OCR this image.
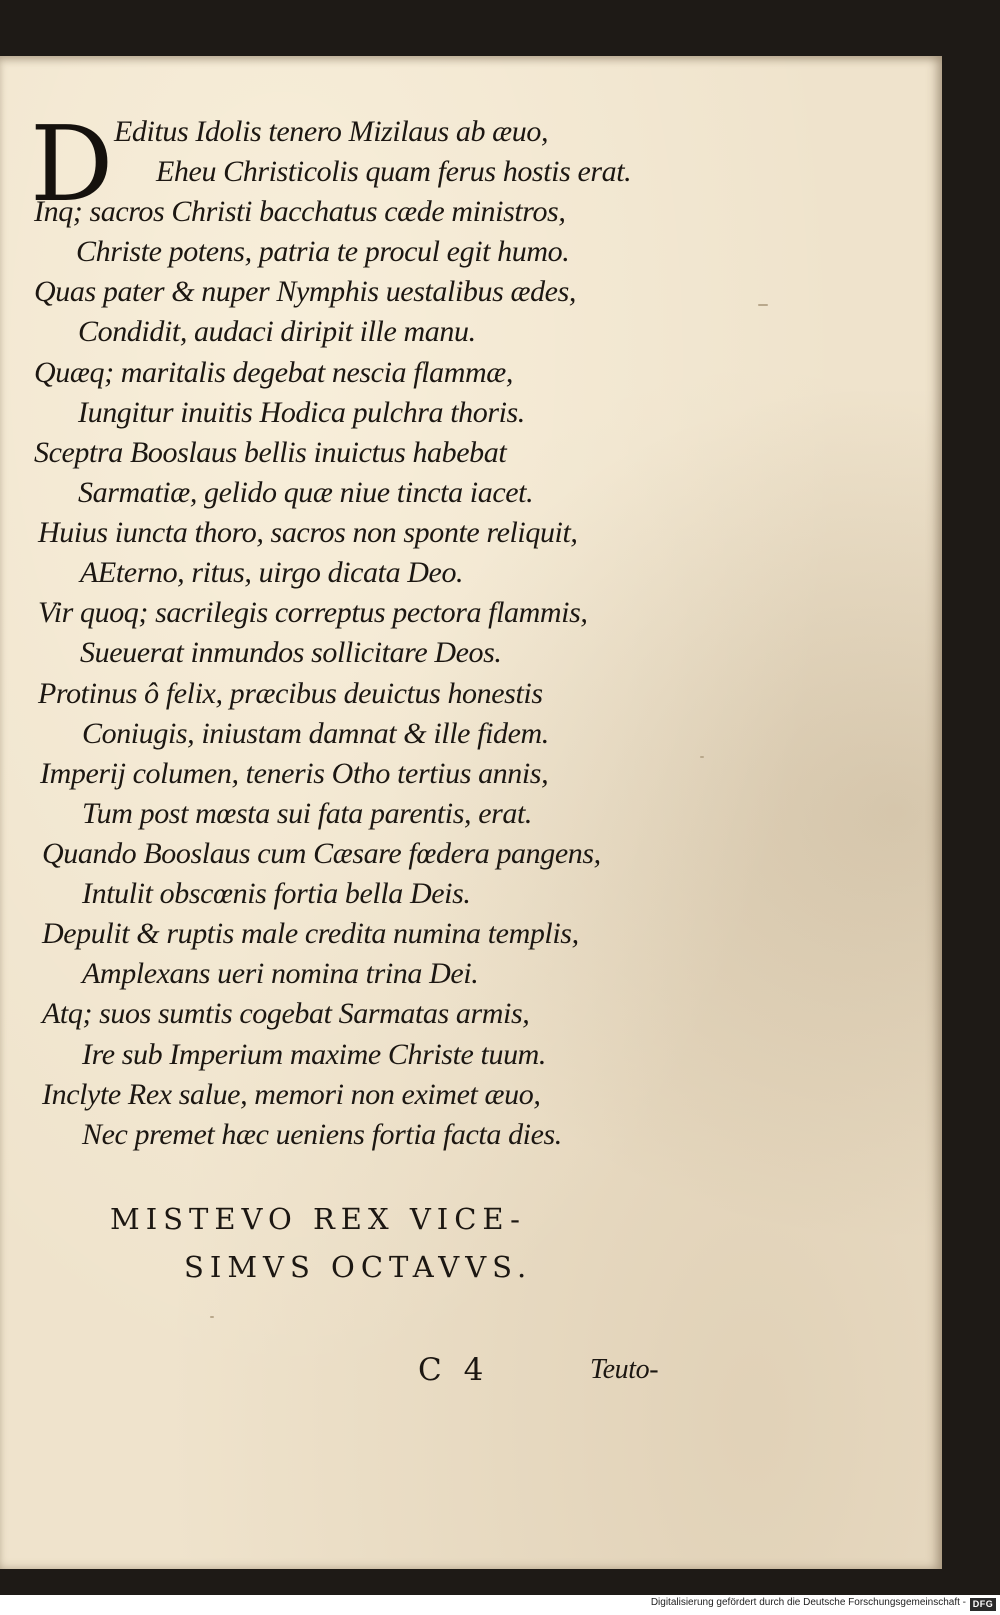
D Editus Idolis tenero Mizilaus ab æuo,
Eheu Christicolis quam ferus hostis erat.
Inq; sacros Christi bacchatus cæde ministros,
Christe potens, patria te procul egit humo.
Quas pater & nuper Nymphis uestalibus ædes,
Condidit, audaci diripit ille manu.
Quæq; maritalis degebat nescia flammæ,
Iungitur inuitis Hodica pulchra thoris.
Sceptra Booslaus bellis inuictus habebat
Sarmatiæ, gelido quæ niue tincta iacet.
Huius iuncta thoro, sacros non sponte reliquit,
AEterno, ritus, uirgo dicata Deo.
Vir quoq; sacrilegis correptus pectora flammis,
Sueuerat inmundos sollicitare Deos.
Protinus ô felix, præcibus deuictus honestis
Coniugis, iniustam damnat & ille fidem.
Imperij columen, teneris Otho tertius annis,
Tum post mœsta sui fata parentis, erat.
Quando Booslaus cum Cæsare fœdera pangens,
Intulit obscœnis fortia bella Deis.
Depulit & ruptis male credita numina templis,
Amplexans ueri nomina trina Dei.
Atq; suos sumtis cogebat Sarmatas armis,
Ire sub Imperium maxime Christe tuum.
Inclyte Rex salue, memori non eximet æuo,
Nec premet hæc ueniens fortia facta dies.
MISTEVO REX VICE-
SIMVS OCTAVVS.
C 4	Teuto-
Digitalisierung gefördert durch die Deutsche Forschungsgemeinschaft - DFG
